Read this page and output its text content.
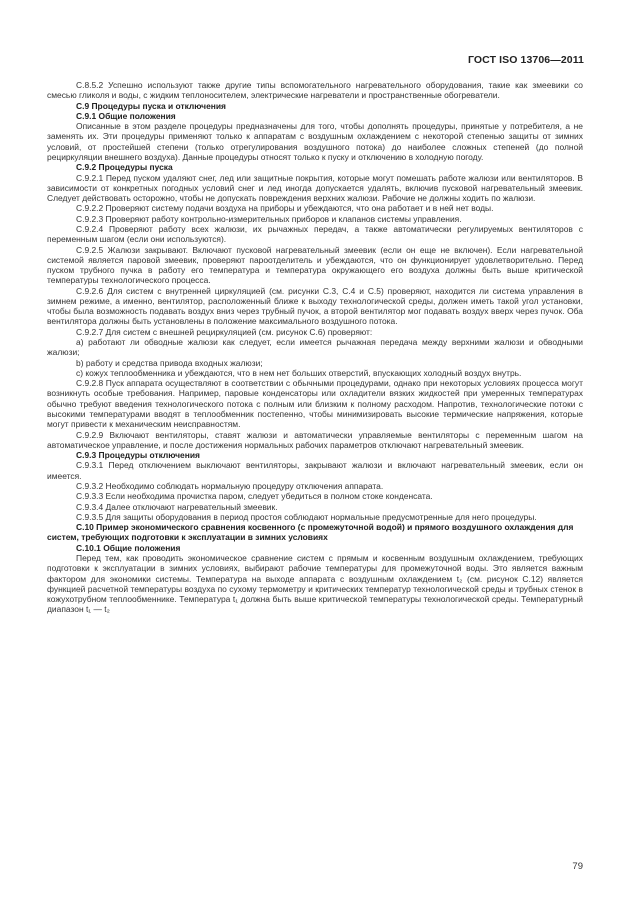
ГОСТ ISO 13706—2011

С.8.5.2 Успешно используют также другие типы вспомогательного нагревательного оборудования, такие как змеевики со смесью гликоля и воды, с жидким теплоносителем, электрические нагреватели и пространственные обогреватели.

С.9 Процедуры пуска и отключения

С.9.1 Общие положения

Описанные в этом разделе процедуры предназначены для того, чтобы дополнять процедуры, принятые у потребителя, а не заменять их. Эти процедуры применяют только к аппаратам с воздушным охлаждением с некоторой степенью защиты от зимних условий, от простейшей степени (только отрегулирования воздушного потока) до наиболее сложных степеней (до полной рециркуляции внешнего воздуха). Данные процедуры относят только к пуску и отключению в холодную погоду.

С.9.2 Процедуры пуска

С.9.2.1 Перед пуском удаляют снег, лед или защитные покрытия, которые могут помешать работе жалюзи или вентиляторов. В зависимости от конкретных погодных условий снег и лед иногда допускается удалять, включив пусковой нагревательный змеевик. Следует действовать осторожно, чтобы не допускать повреждения верхних жалюзи. Рабочие не должны ходить по жалюзи.

С.9.2.2 Проверяют систему подачи воздуха на приборы и убеждаются, что она работает и в ней нет воды.

С.9.2.3 Проверяют работу контрольно-измерительных приборов и клапанов системы управления.

С.9.2.4 Проверяют работу всех жалюзи, их рычажных передач, а также автоматически регулируемых вентиляторов с переменным шагом (если они используются).

С.9.2.5 Жалюзи закрывают. Включают пусковой нагревательный змеевик (если он еще не включен). Если нагревательной системой является паровой змеевик, проверяют пароотделитель и убеждаются, что он функционирует удовлетворительно. Перед пуском трубного пучка в работу его температура и температура окружающего его воздуха должны быть выше критической температуры технологического процесса.

С.9.2.6 Для систем с внутренней циркуляцией (см. рисунки С.3, С.4 и С.5) проверяют, находится ли система управления в зимнем режиме, а именно, вентилятор, расположенный ближе к выходу технологической среды, должен иметь такой угол установки, чтобы была возможность подавать воздух вниз через трубный пучок, а второй вентилятор мог подавать воздух вверх через пучок. Оба вентилятора должны быть установлены в положение максимального воздушного потока.

С.9.2.7 Для систем с внешней рециркуляцией (см. рисунок С.6) проверяют:

a) работают ли обводные жалюзи как следует, если имеется рычажная передача между верхними жалюзи и обводными жалюзи;

b) работу и средства привода входных жалюзи;

c) кожух теплообменника и убеждаются, что в нем нет больших отверстий, впускающих холодный воздух внутрь.

С.9.2.8 Пуск аппарата осуществляют в соответствии с обычными процедурами, однако при некоторых условиях процесса могут возникнуть особые требования. Например, паровые конденсаторы или охладители вязких жидкостей при умеренных температурах обычно требуют введения технологического потока с полным или близким к полному расходом. Напротив, технологические потоки с высокими температурами вводят в теплообменник постепенно, чтобы минимизировать высокие термические напряжения, которые могут привести к механическим неисправностям.

С.9.2.9 Включают вентиляторы, ставят жалюзи и автоматически управляемые вентиляторы с переменным шагом на автоматическое управление, и после достижения нормальных рабочих параметров отключают нагревательный змеевик.

С.9.3 Процедуры отключения

С.9.3.1 Перед отключением выключают вентиляторы, закрывают жалюзи и включают нагревательный змеевик, если он имеется.

С.9.3.2 Необходимо соблюдать нормальную процедуру отключения аппарата.

С.9.3.3 Если необходима прочистка паром, следует убедиться в полном стоке конденсата.

С.9.3.4 Далее отключают нагревательный змеевик.

С.9.3.5 Для защиты оборудования в период простоя соблюдают нормальные предусмотренные для него процедуры.

С.10 Пример экономического сравнения косвенного (с промежуточной водой) и прямого воздушного охлаждения для систем, требующих подготовки к эксплуатации в зимних условиях

С.10.1 Общие положения

Перед тем, как проводить экономическое сравнение систем с прямым и косвенным воздушным охлаждением, требующих подготовки к эксплуатации в зимних условиях, выбирают рабочие температуры для промежуточной воды. Это является важным фактором для экономики системы. Температура на выходе аппарата с воздушным охлаждением t₂ (см. рисунок С.12) является функцией расчетной температуры воздуха по сухому термометру и критических температур технологической среды и трубных стенок в кожухотрубном теплообменнике. Температура t₁ должна быть выше критической температуры технологической среды. Температурный диапазон t₁ — t₂

79
